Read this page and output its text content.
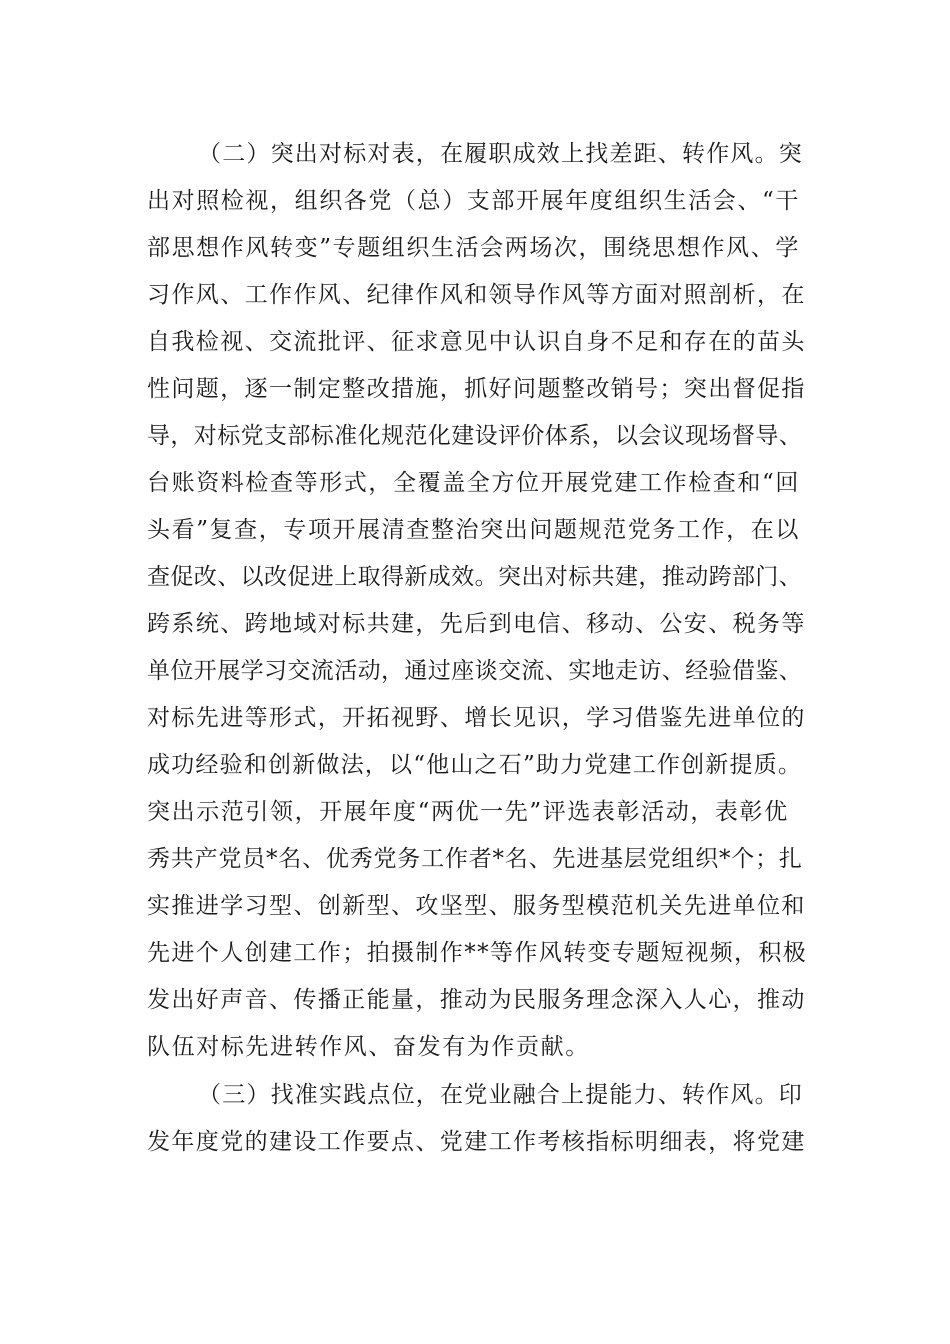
（二）突出对标对表，在履职成效上找差距、转作风。突
出对照检视，组织各党（总）支部开展年度组织生活会、“干
部思想作风转变”专题组织生活会两场次，围绕思想作风、学
习作风、工作作风、纪律作风和领导作风等方面对照剖析，在
自我检视、交流批评、征求意见中认识自身不足和存在的苗头
性问题，逐一制定整改措施，抓好问题整改销号；突出督促指
导，对标党支部标准化规范化建设评价体系，以会议现场督导、
台账资料检查等形式，全覆盖全方位开展党建工作检查和“回
头看”复查，专项开展清查整治突出问题规范党务工作，在以
查促改、以改促进上取得新成效。突出对标共建，推动跨部门、
跨系统、跨地域对标共建，先后到电信、移动、公安、税务等
单位开展学习交流活动，通过座谈交流、实地走访、经验借鉴、
对标先进等形式，开拓视野、增长见识，学习借鉴先进单位的
成功经验和创新做法，以“他山之石”助力党建工作创新提质。
突出示范引领，开展年度“两优一先”评选表彰活动，表彰优
秀共产党员*名、优秀党务工作者*名、先进基层党组织*个；扎
实推进学习型、创新型、攻坚型、服务型模范机关先进单位和
先进个人创建工作；拍摄制作**等作风转变专题短视频，积极
发出好声音、传播正能量，推动为民服务理念深入人心，推动
队伍对标先进转作风、奋发有为作贡献。
（三）找准实践点位，在党业融合上提能力、转作风。印
发年度党的建设工作要点、党建工作考核指标明细表，将党建
